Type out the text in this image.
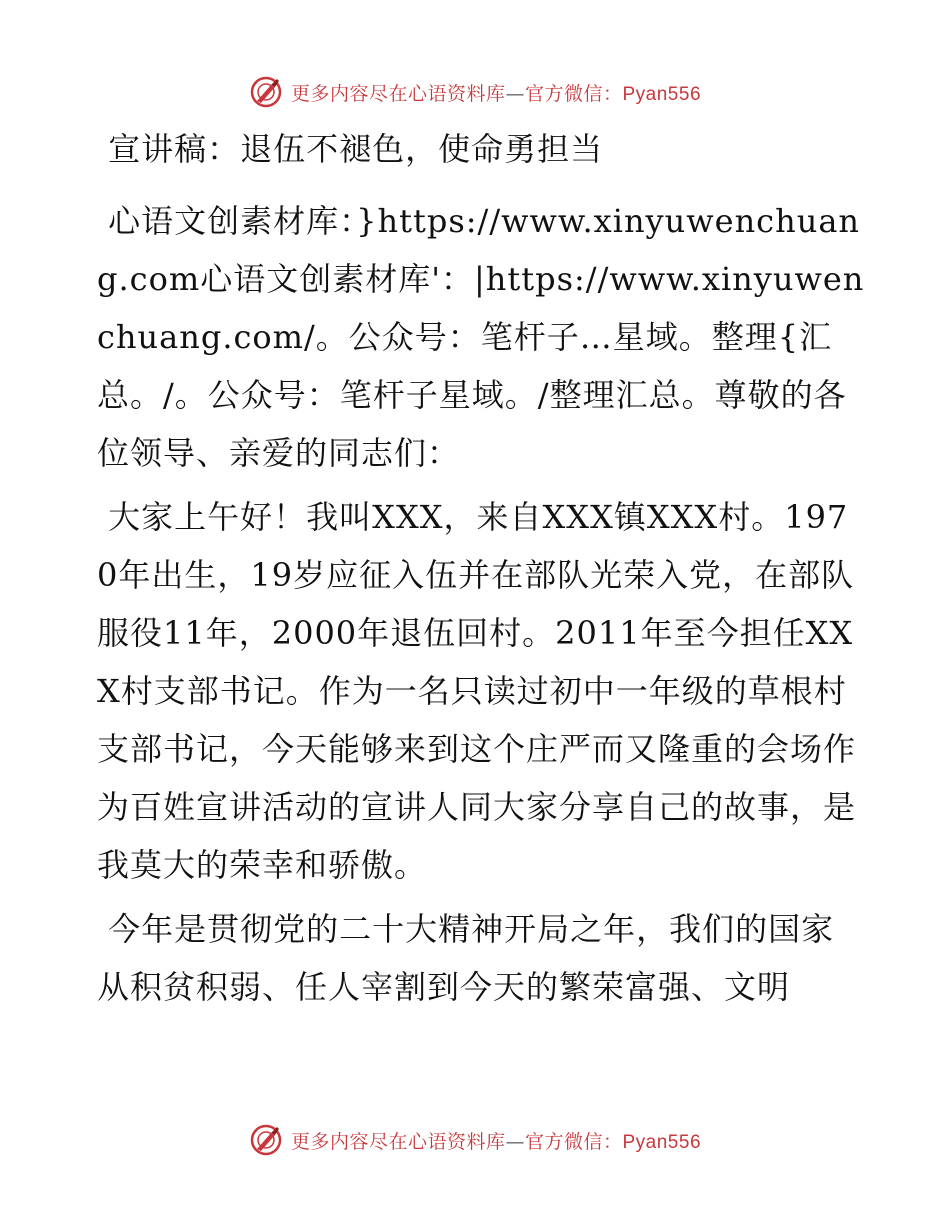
更多内容尽在心语资料库—官方微信：Pyan556

宣讲稿：退伍不褪色，使命勇担当

心语文创素材库：}https://www.xinyuwenchuang.com心语文创素材库'：|https://www.xinyuwenchuang.com/。公众号：笔杆子…星域。整理{汇总。/。公众号：笔杆子星域。/整理汇总。尊敬的各位领导、亲爱的同志们：

大家上午好！我叫XXX，来自XXX镇XXX村。1970年出生，19岁应征入伍并在部队光荣入党，在部队服役11年，2000年退伍回村。2011年至今担任XXX村支部书记。作为一名只读过初中一年级的草根村支部书记，今天能够来到这个庄严而又隆重的会场作为百姓宣讲活动的宣讲人同大家分享自己的故事，是我莫大的荣幸和骄傲。

今年是贯彻党的二十大精神开局之年，我们的国家从积贫积弱、任人宰割到今天的繁荣富强、文明

更多内容尽在心语资料库—官方微信：Pyan556
